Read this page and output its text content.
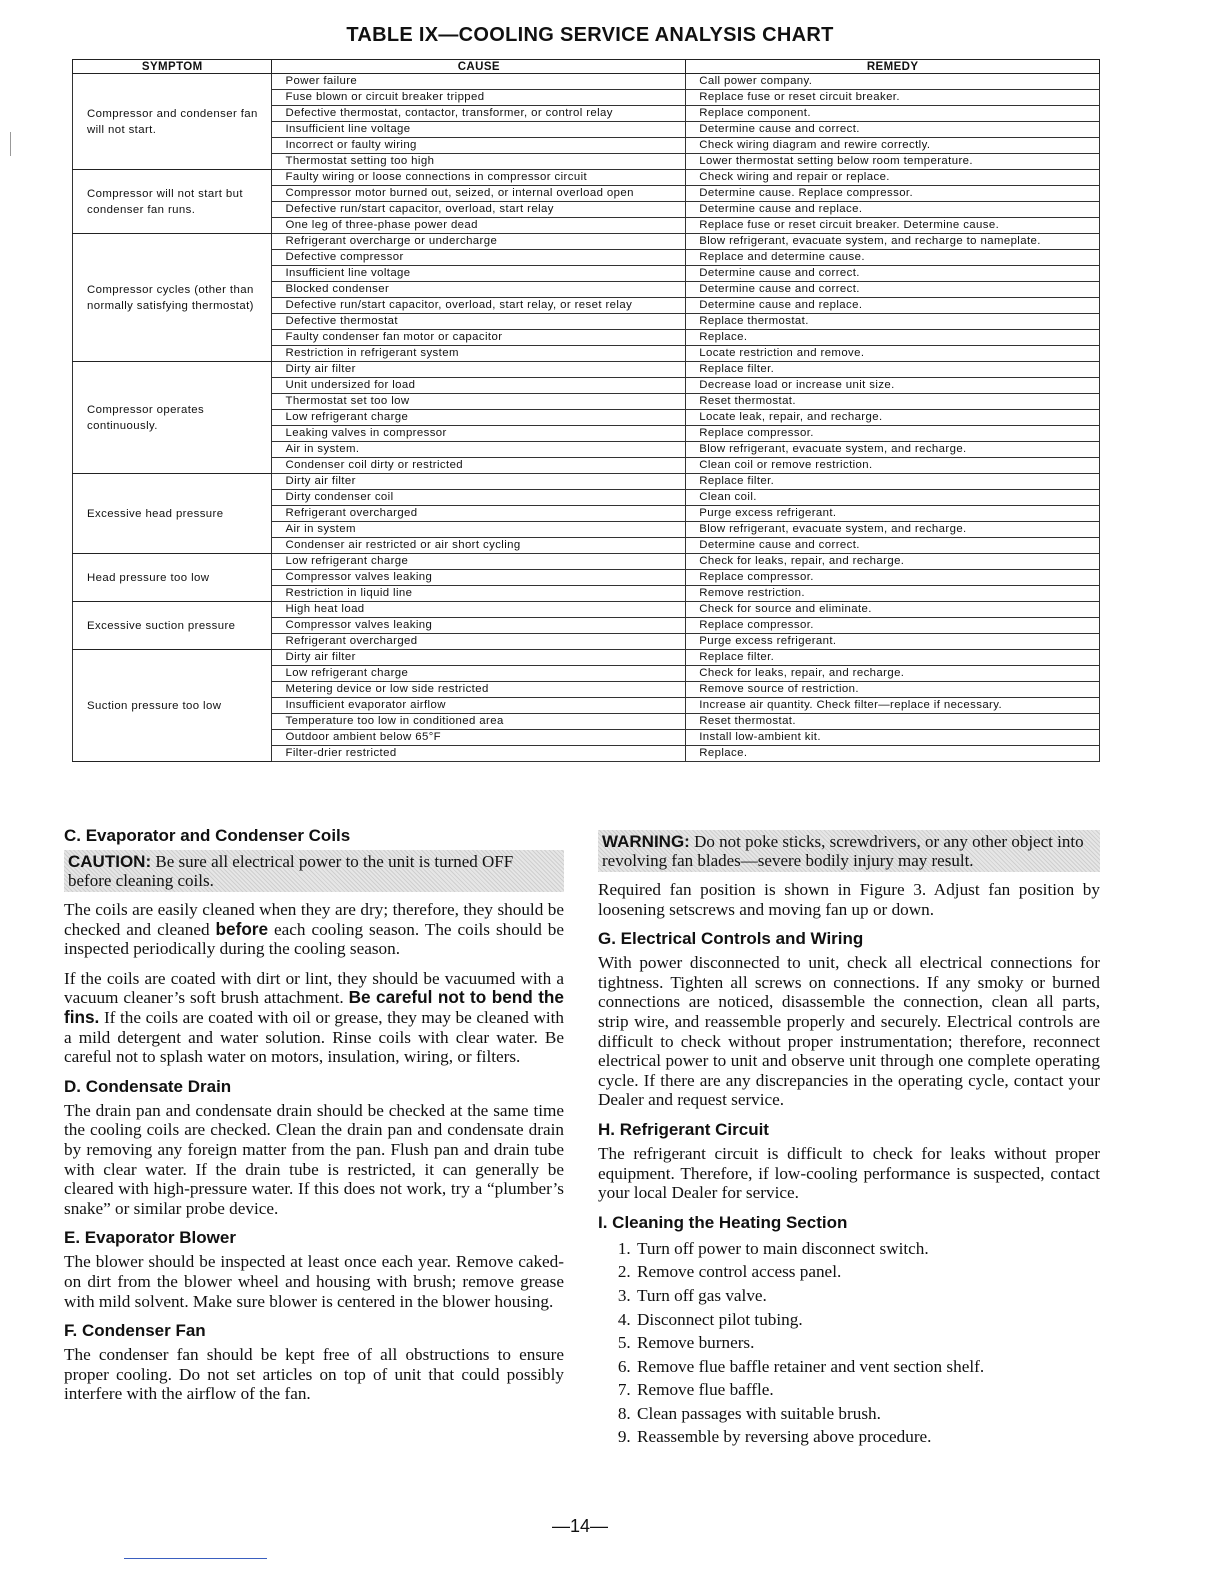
TABLE IX—COOLING SERVICE ANALYSIS CHART
SYMPTOM	CAUSE	REMEDY
Compressor and condenser fan will not start.	Power failure	Call power company.
	Fuse blown or circuit breaker tripped	Replace fuse or reset circuit breaker.
	Defective thermostat, contactor, transformer, or control relay	Replace component.
	Insufficient line voltage	Determine cause and correct.
	Incorrect or faulty wiring	Check wiring diagram and rewire correctly.
	Thermostat setting too high	Lower thermostat setting below room temperature.
Compressor will not start but condenser fan runs.	Faulty wiring or loose connections in compressor circuit	Check wiring and repair or replace.
	Compressor motor burned out, seized, or internal overload open	Determine cause. Replace compressor.
	Defective run/start capacitor, overload, start relay	Determine cause and replace.
	One leg of three-phase power dead	Replace fuse or reset circuit breaker. Determine cause.
Compressor cycles (other than normally satisfying thermostat)	Refrigerant overcharge or undercharge	Blow refrigerant, evacuate system, and recharge to nameplate.
	Defective compressor	Replace and determine cause.
	Insufficient line voltage	Determine cause and correct.
	Blocked condenser	Determine cause and correct.
	Defective run/start capacitor, overload, start relay, or reset relay	Determine cause and replace.
	Defective thermostat	Replace thermostat.
	Faulty condenser fan motor or capacitor	Replace.
	Restriction in refrigerant system	Locate restriction and remove.
Compressor operates continuously.	Dirty air filter	Replace filter.
	Unit undersized for load	Decrease load or increase unit size.
	Thermostat set too low	Reset thermostat.
	Low refrigerant charge	Locate leak, repair, and recharge.
	Leaking valves in compressor	Replace compressor.
	Air in system.	Blow refrigerant, evacuate system, and recharge.
	Condenser coil dirty or restricted	Clean coil or remove restriction.
Excessive head pressure	Dirty air filter	Replace filter.
	Dirty condenser coil	Clean coil.
	Refrigerant overcharged	Purge excess refrigerant.
	Air in system	Blow refrigerant, evacuate system, and recharge.
	Condenser air restricted or air short cycling	Determine cause and correct.
Head pressure too low	Low refrigerant charge	Check for leaks, repair, and recharge.
	Compressor valves leaking	Replace compressor.
	Restriction in liquid line	Remove restriction.
Excessive suction pressure	High heat load	Check for source and eliminate.
	Compressor valves leaking	Replace compressor.
	Refrigerant overcharged	Purge excess refrigerant.
Suction pressure too low	Dirty air filter	Replace filter.
	Low refrigerant charge	Check for leaks, repair, and recharge.
	Metering device or low side restricted	Remove source of restriction.
	Insufficient evaporator airflow	Increase air quantity. Check filter—replace if necessary.
	Temperature too low in conditioned area	Reset thermostat.
	Outdoor ambient below 65°F	Install low-ambient kit.
	Filter-drier restricted	Replace.
C. Evaporator and Condenser Coils
CAUTION: Be sure all electrical power to the unit is turned OFF before cleaning coils.

The coils are easily cleaned when they are dry; therefore, they should be checked and cleaned before each cooling season. The coils should be inspected periodically during the cooling season.

If the coils are coated with dirt or lint, they should be vacuumed with a vacuum cleaner’s soft brush attachment. Be careful not to bend the fins. If the coils are coated with oil or grease, they may be cleaned with a mild detergent and water solution. Rinse coils with clear water. Be careful not to splash water on motors, insulation, wiring, or filters.

D. Condensate Drain

The drain pan and condensate drain should be checked at the same time the cooling coils are checked. Clean the drain pan and condensate drain by removing any foreign matter from the pan. Flush pan and drain tube with clear water. If the drain tube is restricted, it can generally be cleared with high-pressure water. If this does not work, try a “plumber’s snake” or similar probe device.

E. Evaporator Blower

The blower should be inspected at least once each year. Remove caked-on dirt from the blower wheel and housing with brush; remove grease with mild solvent. Make sure blower is centered in the blower housing.

F. Condenser Fan

The condenser fan should be kept free of all obstructions to ensure proper cooling. Do not set articles on top of unit that could possibly interfere with the airflow of the fan.

WARNING: Do not poke sticks, screwdrivers, or any other object into revolving fan blades—severe bodily injury may result.

Required fan position is shown in Figure 3. Adjust fan position by loosening setscrews and moving fan up or down.

G. Electrical Controls and Wiring

With power disconnected to unit, check all electrical connections for tightness. Tighten all screws on connections. If any smoky or burned connections are noticed, disassemble the connection, clean all parts, strip wire, and reassemble properly and securely. Electrical controls are difficult to check without proper instrumentation; therefore, reconnect electrical power to unit and observe unit through one complete operating cycle. If there are any discrepancies in the operating cycle, contact your Dealer and request service.

H. Refrigerant Circuit

The refrigerant circuit is difficult to check for leaks without proper equipment. Therefore, if low-cooling performance is suspected, contact your local Dealer for service.

I. Cleaning the Heating Section
1. Turn off power to main disconnect switch.
2. Remove control access panel.
3. Turn off gas valve.
4. Disconnect pilot tubing.
5. Remove burners.
6. Remove flue baffle retainer and vent section shelf.
7. Remove flue baffle.
8. Clean passages with suitable brush.
9. Reassemble by reversing above procedure.
—14—
